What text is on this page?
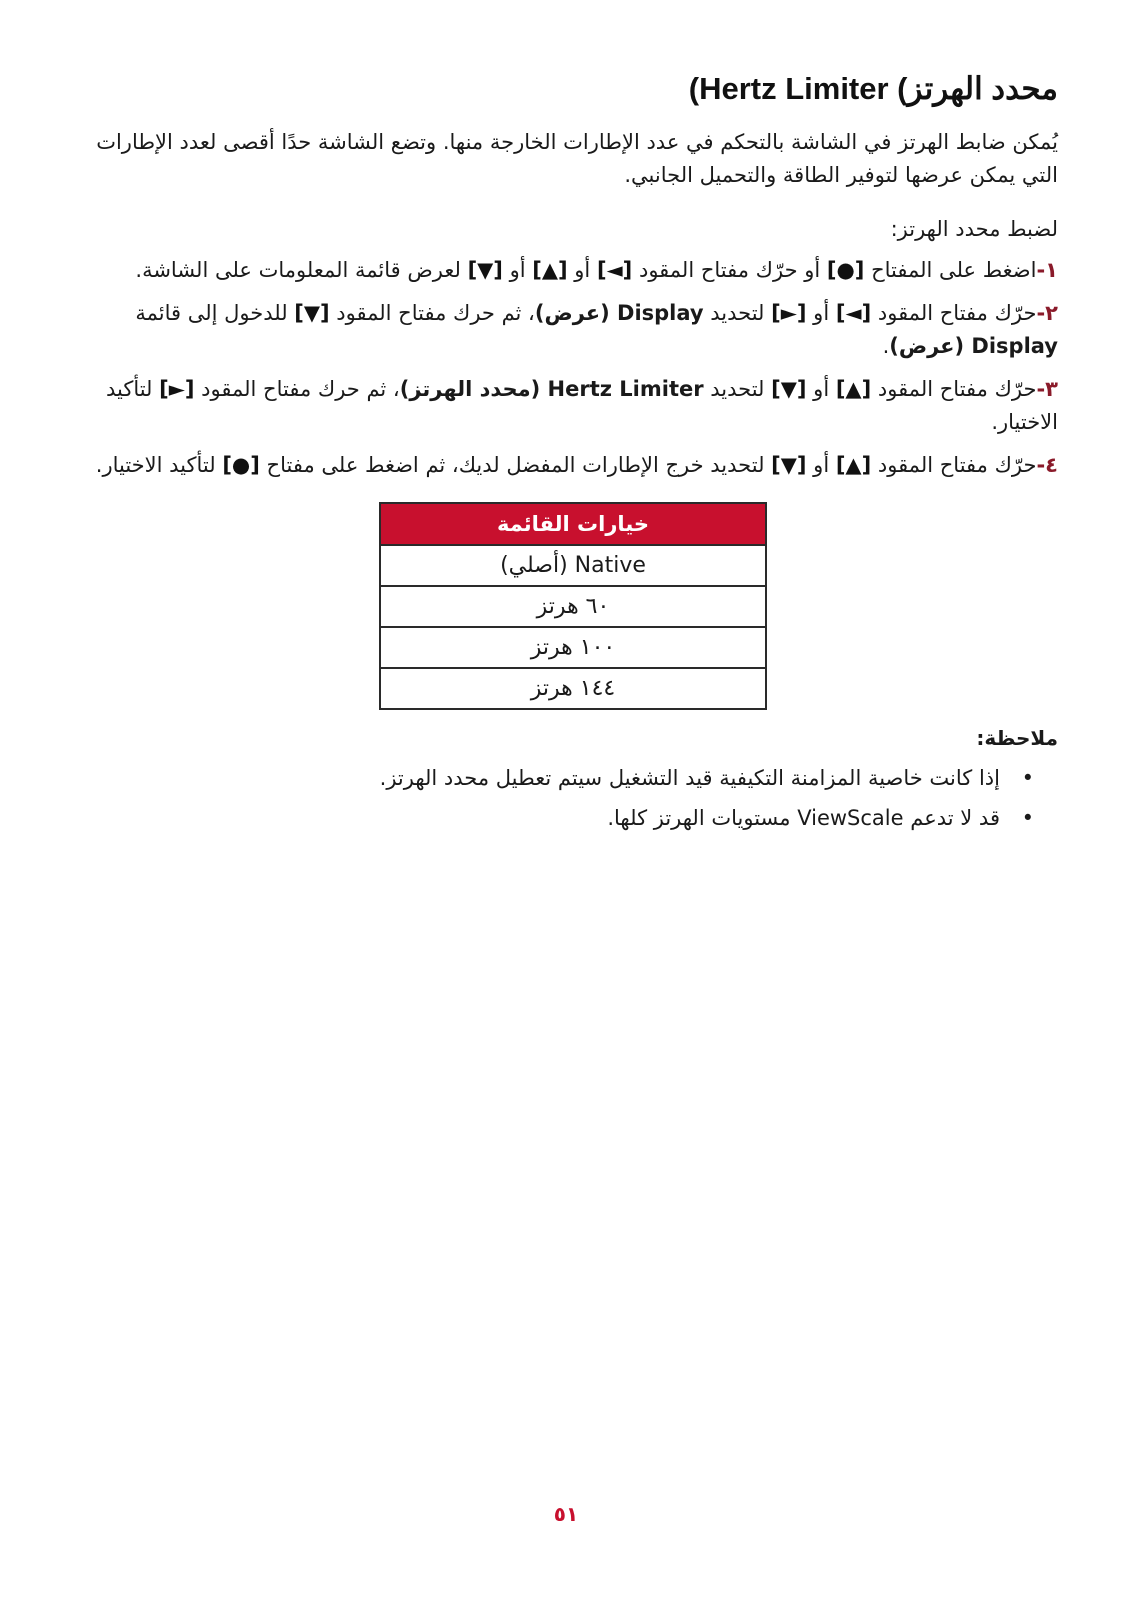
محدد الهرتز) Hertz Limiter)

يُمكن ضابط الهرتز في الشاشة بالتحكم في عدد الإطارات الخارجة منها. وتضع الشاشة حدًا أقصى لعدد الإطارات التي يمكن عرضها لتوفير الطاقة والتحميل الجانبي.

لضبط محدد الهرتز:

١-اضغط على المفتاح [●] أو حرّك مفتاح المقود [◄] أو [▲] أو [▼] لعرض قائمة المعلومات على الشاشة.
٢-حرّك مفتاح المقود [◄] أو [►] لتحديد Display (عرض)، ثم حرك مفتاح المقود [▼] للدخول إلى قائمة Display (عرض).
٣-حرّك مفتاح المقود [▲] أو [▼] لتحديد Hertz Limiter (محدد الهرتز)، ثم حرك مفتاح المقود [►] لتأكيد الاختيار.
٤-حرّك مفتاح المقود [▲] أو [▼] لتحديد خرج الإطارات المفضل لديك، ثم اضغط على مفتاح [●] لتأكيد الاختيار.
خيارات القائمة
Native (أصلي)
٦٠ هرتز
١٠٠ هرتز
١٤٤ هرتز
ملاحظة:
•
إذا كانت خاصية المزامنة التكيفية قيد التشغيل سيتم تعطيل محدد الهرتز.
•
قد لا تدعم ViewScale مستويات الهرتز كلها.
٥١
